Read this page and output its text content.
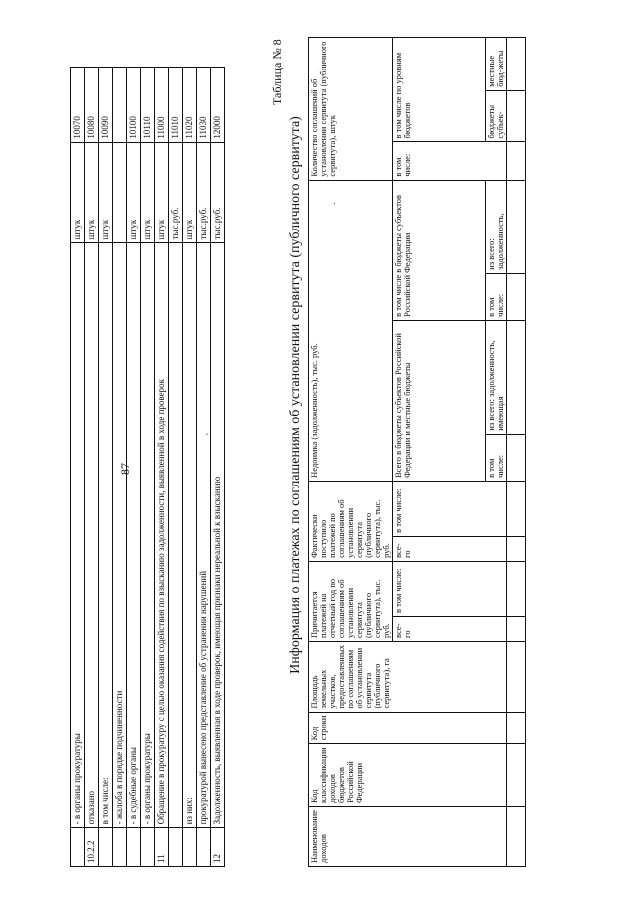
87
	- в органы прокуратуры	штук	10070
10.2.2	отказано	штук	10080
	в том числе:	штук	10090
	- жалоба в порядке подчиненности		
	- в судебные органы	штук	10100
	- в органы прокуратуры	штук	10110
11	Обращение в прокуратуру с целью оказания содействия по взысканию задолженности, выявленной в ходе проверок	штук	11000
		тыс.руб.	11010
	из них:	штук	11020
	прокуратурой вынесено представление об устранении нарушений	тыс.руб.	11030
12	Задолженность, выявленная в ходе проверок, имеющая признаки нереальной к взысканию	тыс.руб.	12000
Таблица № 8
Информация о платежах по соглашениям об установлении сервитута (публичного сервитута)
Наименование доходов	Код классификации доходов бюджетов Российской Федерации	Код строки	Площадь земельных участков, предоставленных по соглашениям об установлении сервитута (публичного сервитута), га	Причитается платежей на отчетный год по соглашениям об установлении сервитута (публичного сервитута), тыс. руб.		Фактически поступило платежей по соглашениям об установлении сервитута (публичного сервитута), тыс. руб.		Недоимка (задолженность), тыс. руб.				Количество соглашений об установлении сервитута (публичного сервитута), штук		
				все-го	в том числе:	все-го	в том числе:	Всего в бюджеты субъектов Российской Федерации и местные бюджеты		в том числе в бюджеты субъектов Российской Федерации		в том числе:	в том числе по уровням бюджетов	
								в том числе:	из всего: задолженность, имеющая	в том числе:	из всего: задолженность,		бюджеты субъек-	местные бюд-жеты

'
·
